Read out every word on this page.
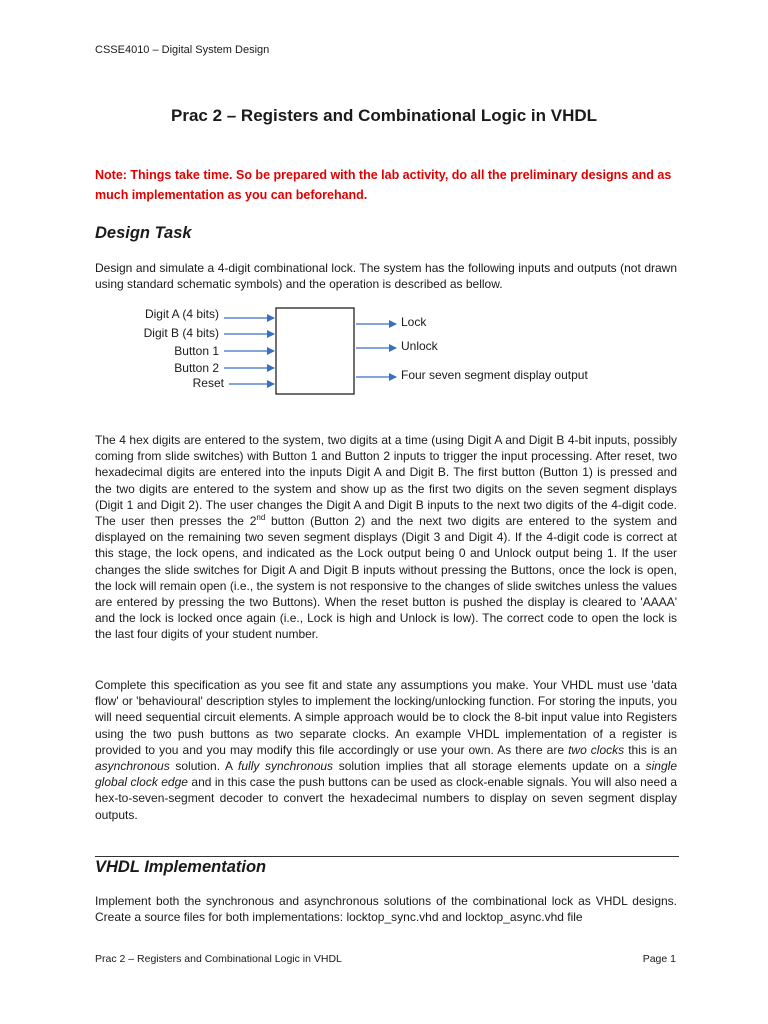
CSSE4010 – Digital System Design
Prac 2 – Registers and Combinational Logic in VHDL
Note: Things take time. So be prepared with the lab activity, do all the preliminary designs and as much implementation as you can beforehand.
Design Task
Design and simulate a 4-digit combinational lock. The system has the following inputs and outputs (not drawn using standard schematic symbols) and the operation is described as bellow.
Digit A (4 bits)
Digit B (4 bits)
Button 1
Button 2
Reset
Lock
Unlock
Four seven segment display output
The 4 hex digits are entered to the system, two digits at a time (using Digit A and Digit B 4-bit inputs, possibly coming from slide switches) with Button 1 and Button 2 inputs to trigger the input processing. After reset, two hexadecimal digits are entered into the inputs Digit A and Digit B. The first button (Button 1) is pressed and the two digits are entered to the system and show up as the first two digits on the seven segment displays (Digit 1 and Digit 2). The user changes the Digit A and Digit B inputs to the next two digits of the 4-digit code. The user then presses the 2nd button (Button 2) and the next two digits are entered to the system and displayed on the remaining two seven segment displays (Digit 3 and Digit 4). If the 4-digit code is correct at this stage, the lock opens, and indicated as the Lock output being 0 and Unlock output being 1. If the user changes the slide switches for Digit A and Digit B inputs without pressing the Buttons, once the lock is open, the lock will remain open (i.e., the system is not responsive to the changes of slide switches unless the values are entered by pressing the two Buttons). When the reset button is pushed the display is cleared to 'AAAA' and the lock is locked once again (i.e., Lock is high and Unlock is low). The correct code to open the lock is the last four digits of your student number.
Complete this specification as you see fit and state any assumptions you make. Your VHDL must use 'data flow' or 'behavioural' description styles to implement the locking/unlocking function. For storing the inputs, you will need sequential circuit elements. A simple approach would be to clock the 8-bit input value into Registers using the two push buttons as two separate clocks. An example VHDL implementation of a register is provided to you and you may modify this file accordingly or use your own. As there are two clocks this is an asynchronous solution. A fully synchronous solution implies that all storage elements update on a single global clock edge and in this case the push buttons can be used as clock-enable signals. You will also need a hex-to-seven-segment decoder to convert the hexadecimal numbers to display on seven segment display outputs.
VHDL Implementation
Implement both the synchronous and asynchronous solutions of the combinational lock as VHDL designs. Create a source files for both implementations: locktop_sync.vhd and locktop_async.vhd file
Prac 2 – Registers and Combinational Logic in VHDL	Page 1
